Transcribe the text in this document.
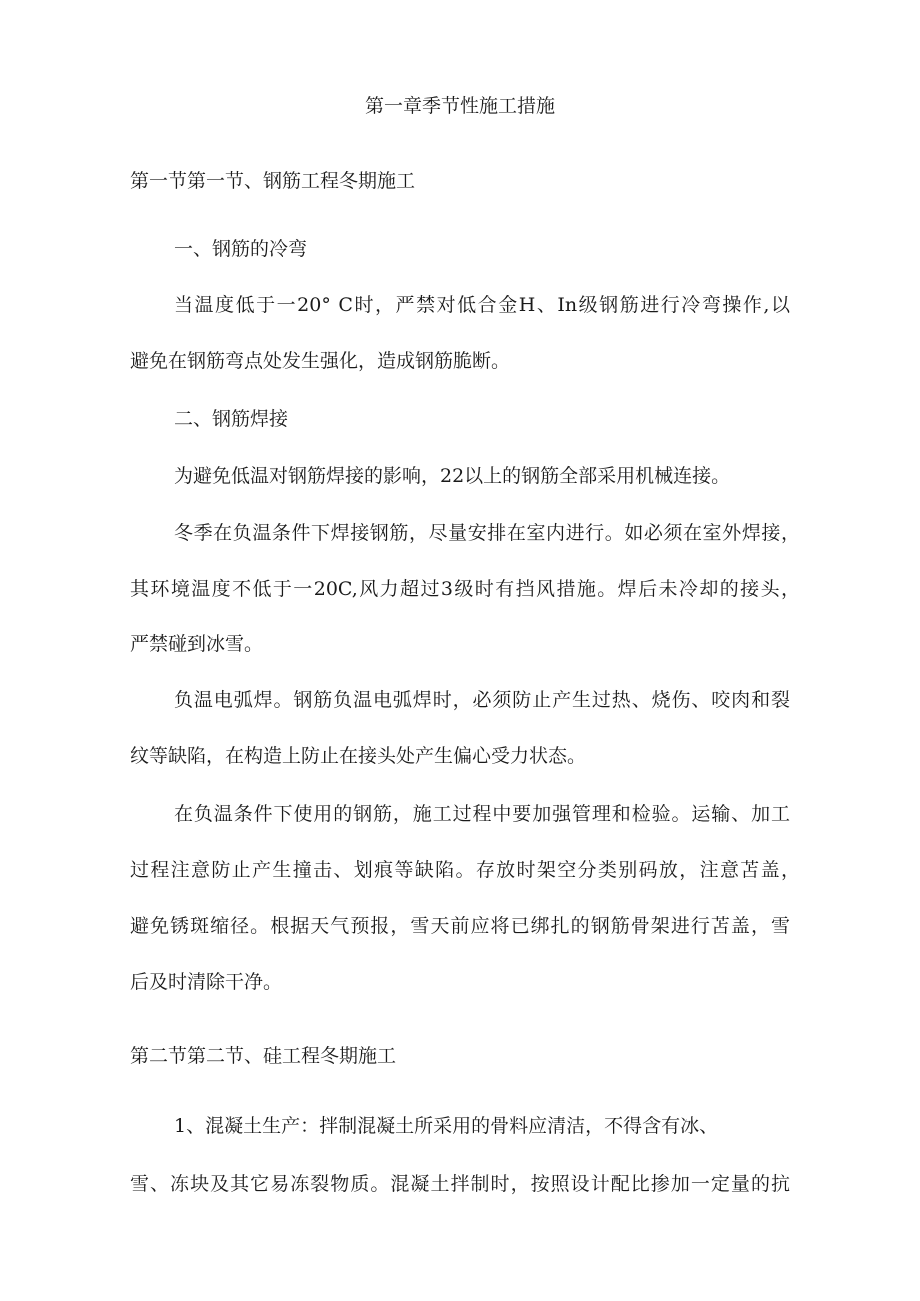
第一章季节性施工措施
第一节第一节、钢筋工程冬期施工
一、钢筋的冷弯
当温度低于一20° C时，严禁对低合金H、In级钢筋进行冷弯操作,以
避免在钢筋弯点处发生强化，造成钢筋脆断。
二、钢筋焊接
为避免低温对钢筋焊接的影响，22以上的钢筋全部采用机械连接。
冬季在负温条件下焊接钢筋，尽量安排在室内进行。如必须在室外焊接，
其环境温度不低于一20C,风力超过3级时有挡风措施。焊后未冷却的接头，
严禁碰到冰雪。
负温电弧焊。钢筋负温电弧焊时，必须防止产生过热、烧伤、咬肉和裂
纹等缺陷，在构造上防止在接头处产生偏心受力状态。
在负温条件下使用的钢筋，施工过程中要加强管理和检验。运输、加工
过程注意防止产生撞击、划痕等缺陷。存放时架空分类别码放，注意苫盖，
避免锈斑缩径。根据天气预报，雪天前应将已绑扎的钢筋骨架进行苫盖，雪
后及时清除干净。
第二节第二节、硅工程冬期施工
1、混凝土生产：拌制混凝土所采用的骨料应清洁，不得含有冰、
雪、冻块及其它易冻裂物质。混凝土拌制时，按照设计配比掺加一定量的抗
